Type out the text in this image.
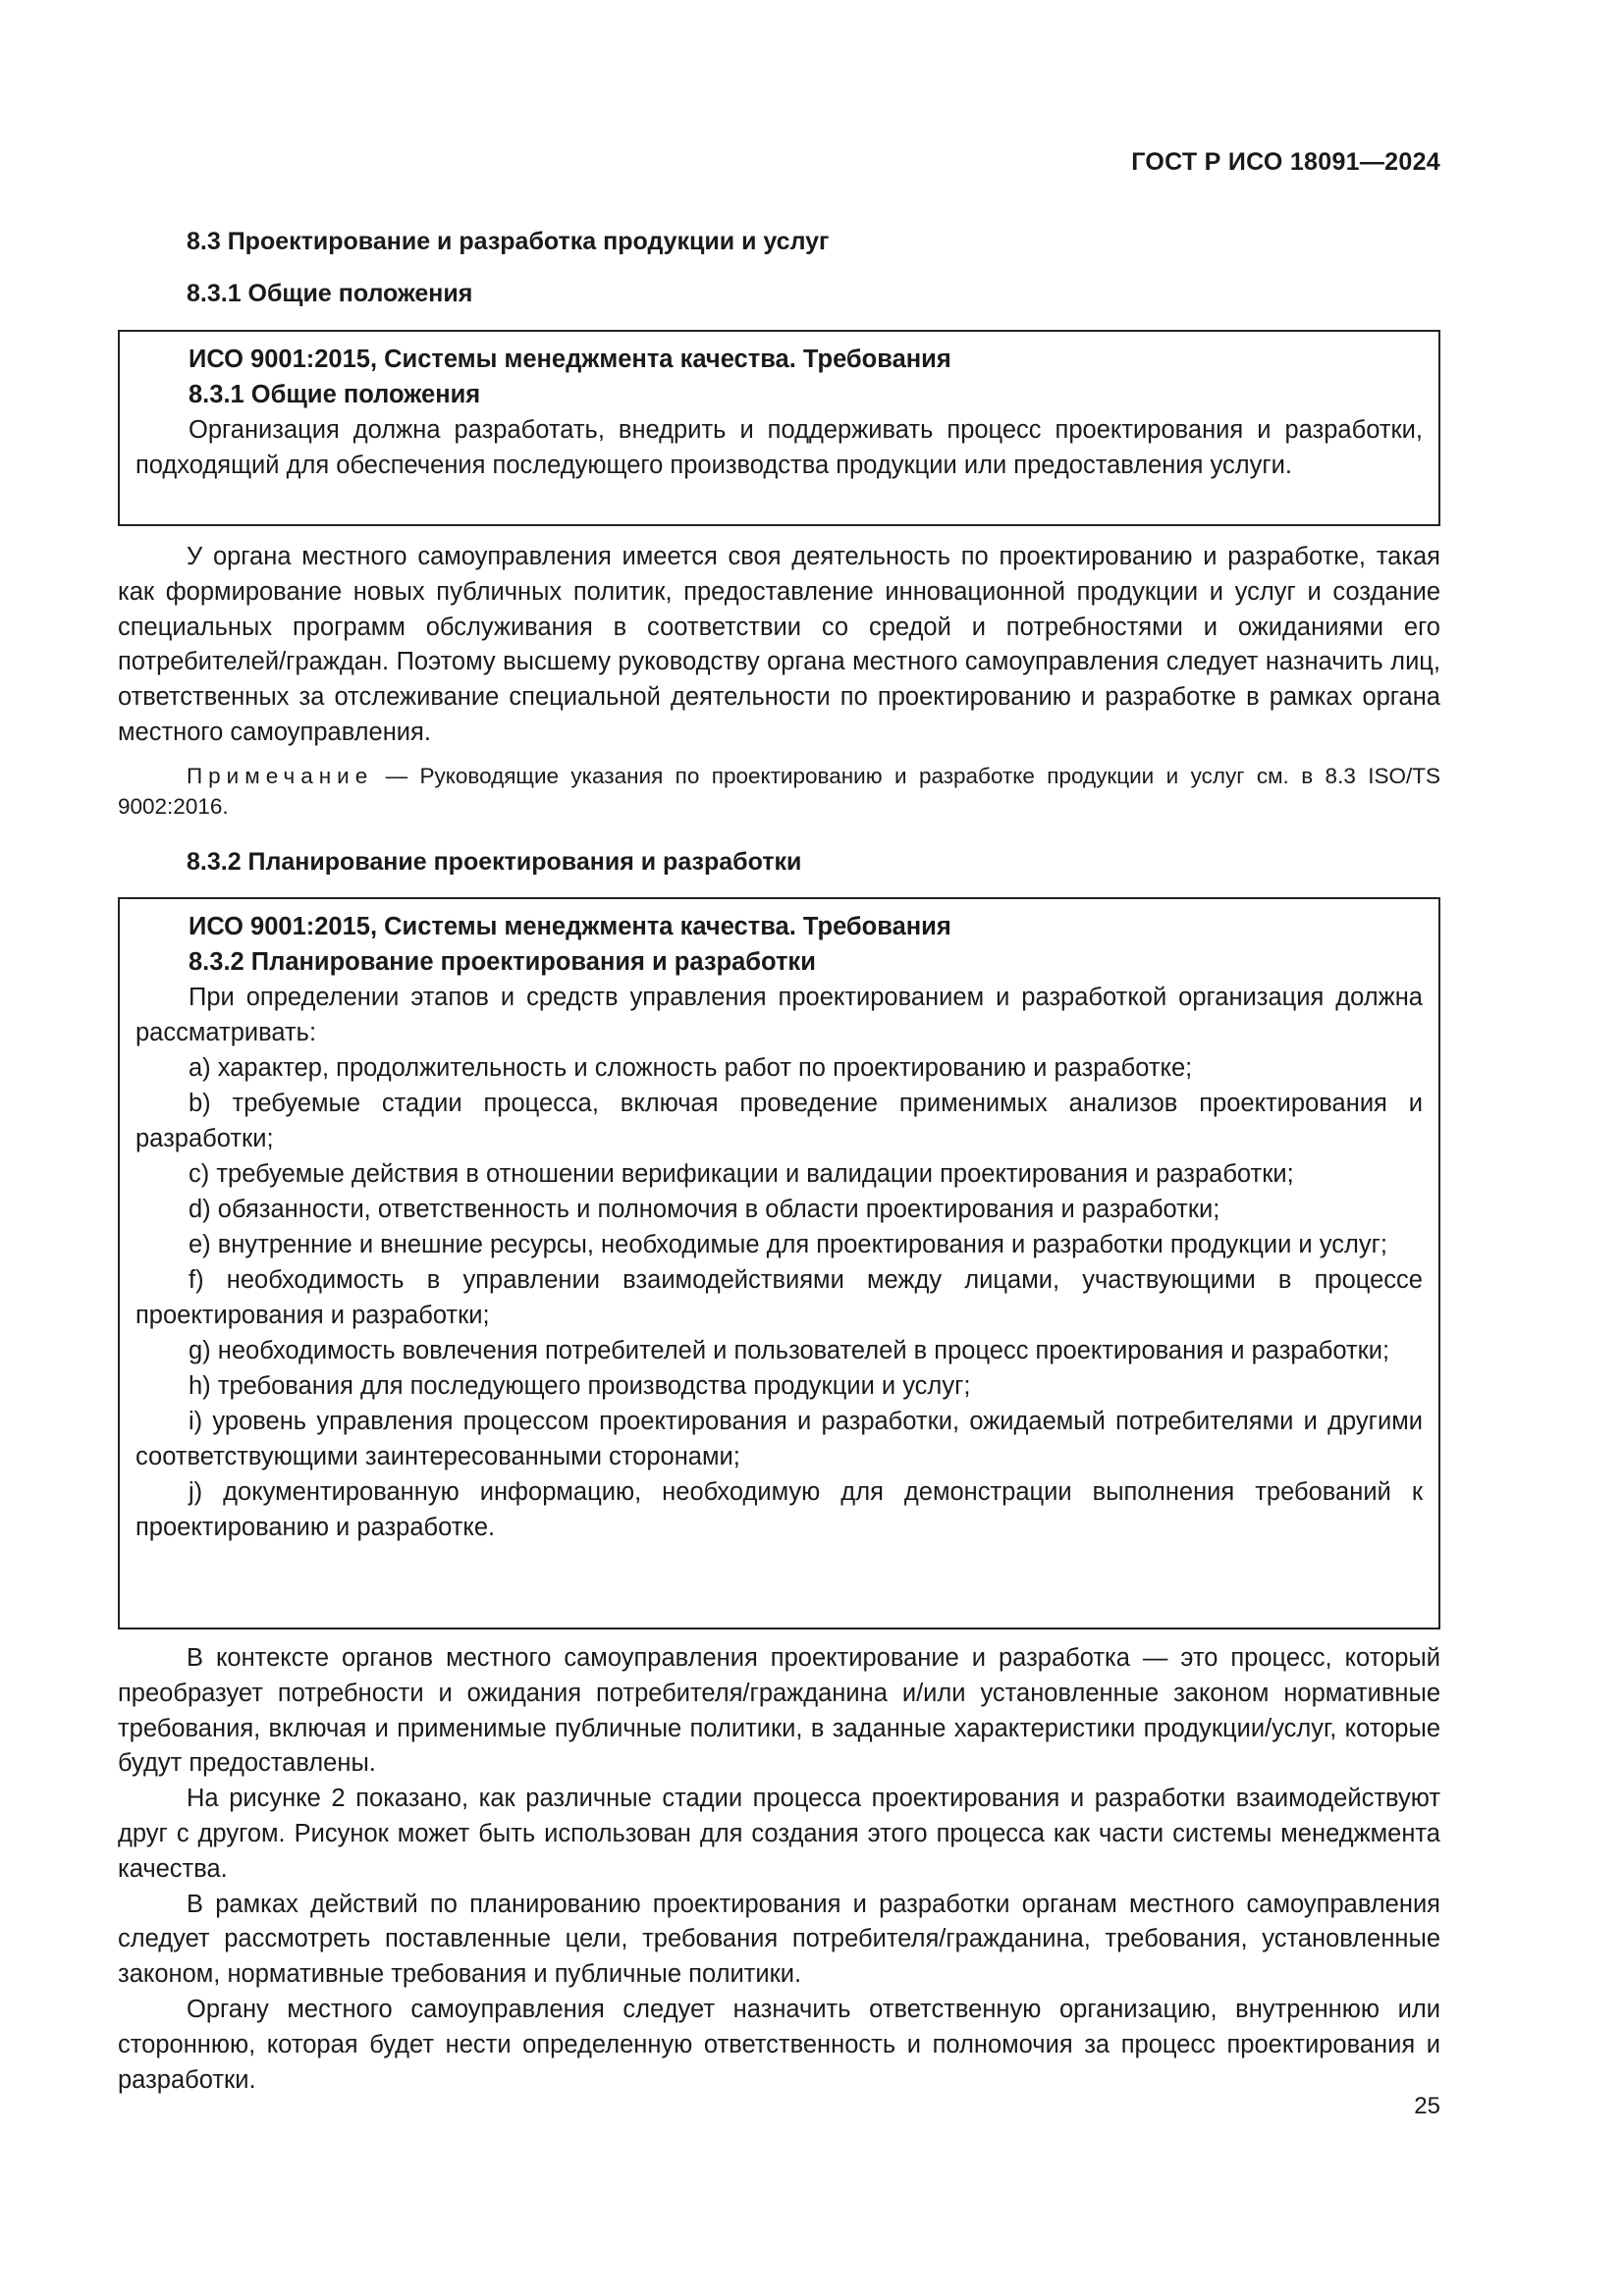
ГОСТ Р ИСО 18091—2024
8.3 Проектирование и разработка продукции и услуг
8.3.1 Общие положения

ИСО 9001:2015, Системы менеджмента качества. Требования

8.3.1 Общие положения

Организация должна разработать, внедрить и поддерживать процесс проектирования и разработки, подходящий для обеспечения последующего производства продукции или предоставления услуги.

У органа местного самоуправления имеется своя деятельность по проектированию и разработке, такая как формирование новых публичных политик, предоставление инновационной продукции и услуг и создание специальных программ обслуживания в соответствии со средой и потребностями и ожиданиями его потребителей/граждан. Поэтому высшему руководству органа местного самоуправления следует назначить лиц, ответственных за отслеживание специальной деятельности по проектированию и разработке в рамках органа местного самоуправления.

Примечание — Руководящие указания по проектированию и разработке продукции и услуг см. в 8.3 ISO/TS 9002:2016.

8.3.2 Планирование проектирования и разработки

ИСО 9001:2015, Системы менеджмента качества. Требования

8.3.2 Планирование проектирования и разработки

При определении этапов и средств управления проектированием и разработкой организация должна рассматривать:

a) характер, продолжительность и сложность работ по проектированию и разработке;

b) требуемые стадии процесса, включая проведение применимых анализов проектирования и разработки;

c) требуемые действия в отношении верификации и валидации проектирования и разработки;

d) обязанности, ответственность и полномочия в области проектирования и разработки;

e) внутренние и внешние ресурсы, необходимые для проектирования и разработки продукции и услуг;

f) необходимость в управлении взаимодействиями между лицами, участвующими в процессе проектирования и разработки;

g) необходимость вовлечения потребителей и пользователей в процесс проектирования и разработки;

h) требования для последующего производства продукции и услуг;

i) уровень управления процессом проектирования и разработки, ожидаемый потребителями и другими соответствующими заинтересованными сторонами;

j) документированную информацию, необходимую для демонстрации выполнения требований к проектированию и разработке.

В контексте органов местного самоуправления проектирование и разработка — это процесс, который преобразует потребности и ожидания потребителя/гражданина и/или установленные законом нормативные требования, включая и применимые публичные политики, в заданные характеристики продукции/услуг, которые будут предоставлены.

На рисунке 2 показано, как различные стадии процесса проектирования и разработки взаимодействуют друг с другом. Рисунок может быть использован для создания этого процесса как части системы менеджмента качества.

В рамках действий по планированию проектирования и разработки органам местного самоуправления следует рассмотреть поставленные цели, требования потребителя/гражданина, требования, установленные законом, нормативные требования и публичные политики.

Органу местного самоуправления следует назначить ответственную организацию, внутреннюю или стороннюю, которая будет нести определенную ответственность и полномочия за процесс проектирования и разработки.

25
